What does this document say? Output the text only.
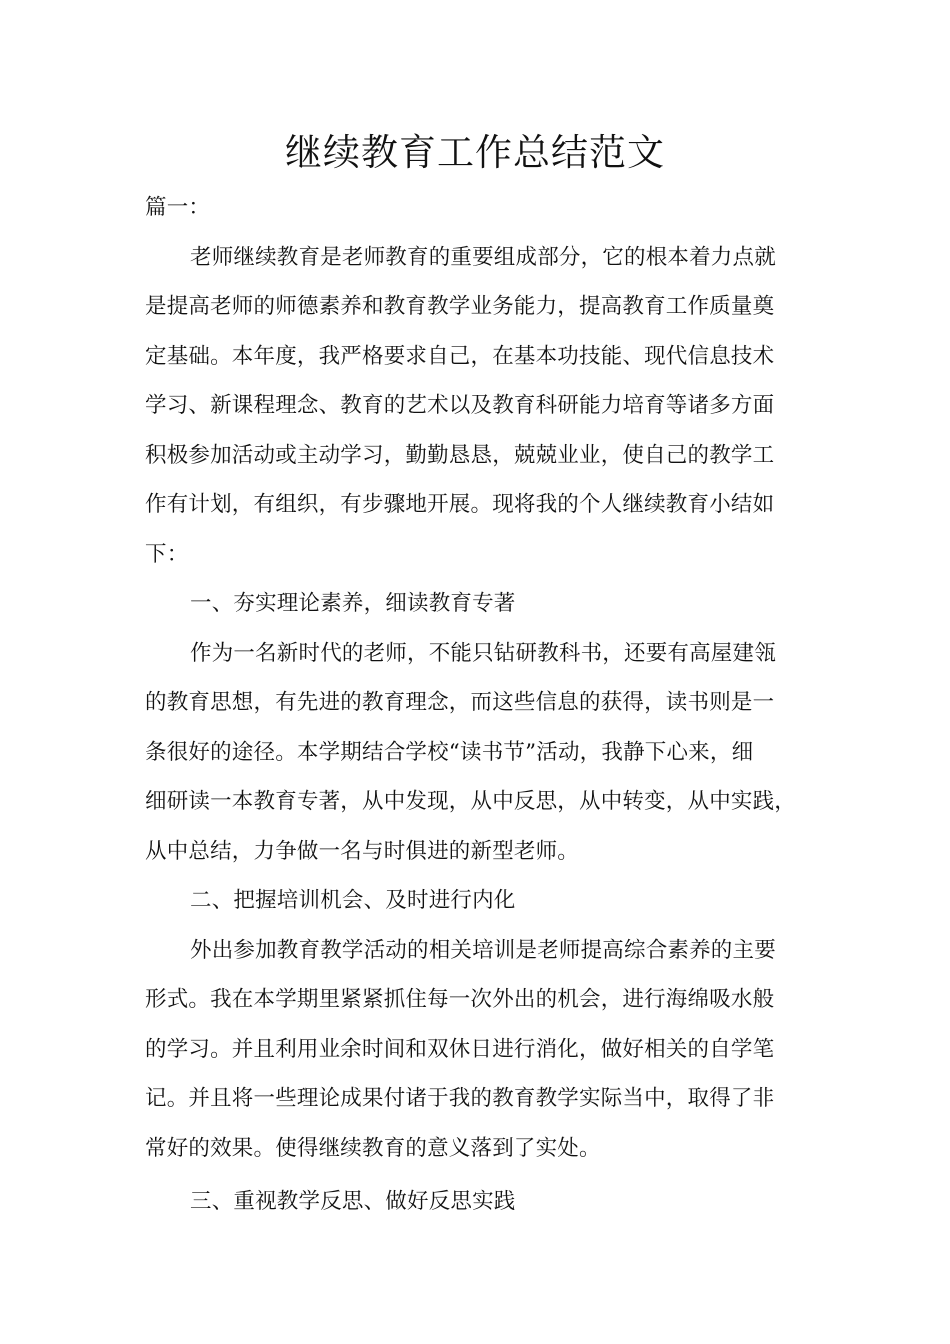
继续教育工作总结范文
篇一：
老师继续教育是老师教育的重要组成部分，它的根本着力点就
是提高老师的师德素养和教育教学业务能力，提高教育工作质量奠
定基础。本年度，我严格要求自己，在基本功技能、现代信息技术
学习、新课程理念、教育的艺术以及教育科研能力培育等诸多方面
积极参加活动或主动学习，勤勤恳恳，兢兢业业，使自己的教学工
作有计划，有组织，有步骤地开展。现将我的个人继续教育小结如
下：
一、夯实理论素养，细读教育专著
作为一名新时代的老师，不能只钻研教科书，还要有高屋建瓴
的教育思想，有先进的教育理念，而这些信息的获得，读书则是一
条很好的途径。本学期结合学校“读书节”活动，我静下心来，细
细研读一本教育专著，从中发现，从中反思，从中转变，从中实践，
从中总结，力争做一名与时俱进的新型老师。
二、把握培训机会、及时进行内化
外出参加教育教学活动的相关培训是老师提高综合素养的主要
形式。我在本学期里紧紧抓住每一次外出的机会，进行海绵吸水般
的学习。并且利用业余时间和双休日进行消化，做好相关的自学笔
记。并且将一些理论成果付诸于我的教育教学实际当中，取得了非
常好的效果。使得继续教育的意义落到了实处。
三、重视教学反思、做好反思实践
